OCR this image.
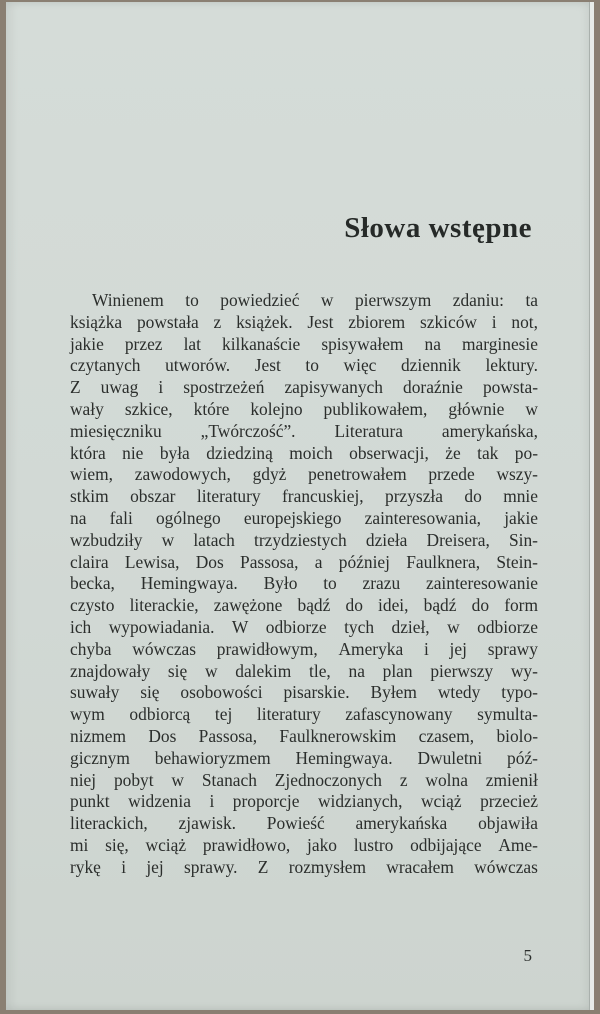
Słowa wstępne
Winienem to powiedzieć w pierwszym zdaniu: ta
książka powstała z książek. Jest zbiorem szkiców i not,
jakie przez lat kilkanaście spisywałem na marginesie
czytanych utworów. Jest to więc dziennik lektury.
Z uwag i spostrzeżeń zapisywanych doraźnie powsta-
wały szkice, które kolejno publikowałem, głównie w
miesięczniku „Twórczość”. Literatura amerykańska,
która nie była dziedziną moich obserwacji, że tak po-
wiem, zawodowych, gdyż penetrowałem przede wszy-
stkim obszar literatury francuskiej, przyszła do mnie
na fali ogólnego europejskiego zainteresowania, jakie
wzbudziły w latach trzydziestych dzieła Dreisera, Sin-
claira Lewisa, Dos Passosa, a później Faulknera, Stein-
becka, Hemingwaya. Było to zrazu zainteresowanie
czysto literackie, zawężone bądź do idei, bądź do form
ich wypowiadania. W odbiorze tych dzieł, w odbiorze
chyba wówczas prawidłowym, Ameryka i jej sprawy
znajdowały się w dalekim tle, na plan pierwszy wy-
suwały się osobowości pisarskie. Byłem wtedy typo-
wym odbiorcą tej literatury zafascynowany symulta-
nizmem Dos Passosa, Faulknerowskim czasem, biolo-
gicznym behawioryzmem Hemingwaya. Dwuletni póź-
niej pobyt w Stanach Zjednoczonych z wolna zmienił
punkt widzenia i proporcje widzianych, wciąż przecież
literackich, zjawisk. Powieść amerykańska objawiła
mi się, wciąż prawidłowo, jako lustro odbijające Ame-
rykę i jej sprawy. Z rozmysłem wracałem wówczas
5
